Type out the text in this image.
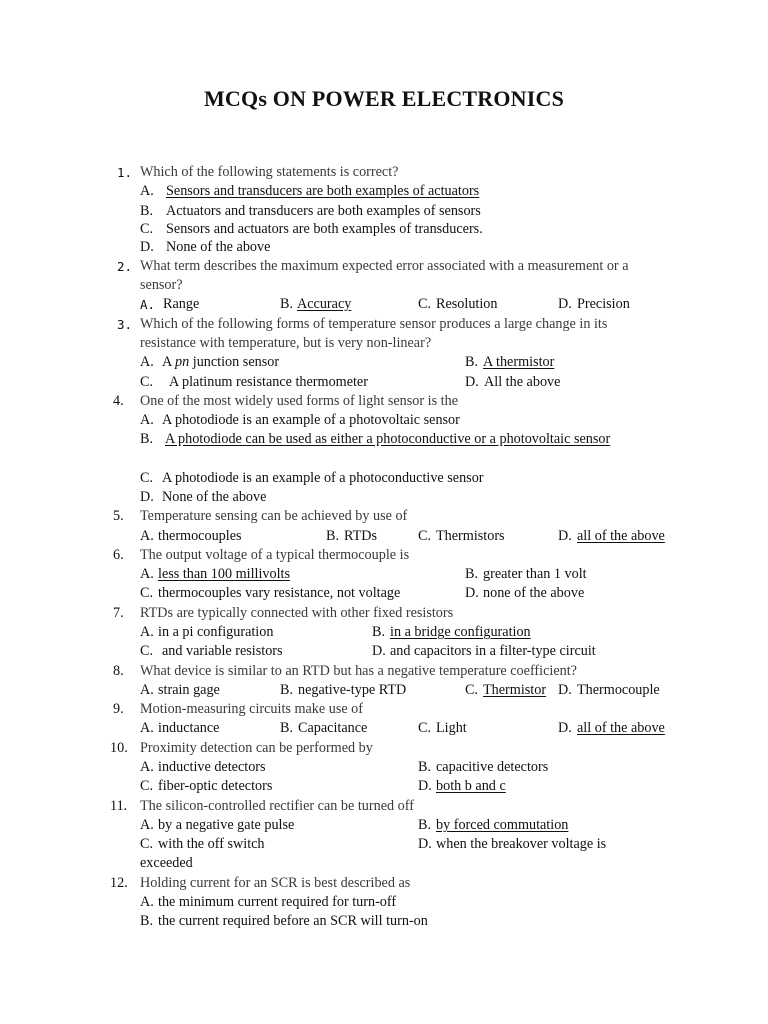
MCQs ON POWER ELECTRONICS
1. Which of the following statements is correct?
A. Sensors and transducers are both examples of actuators
B. Actuators and transducers are both examples of sensors
C. Sensors and actuators are both examples of transducers.
D. None of the above
2. What term describes the maximum expected error associated with a measurement or a
sensor?
A. Range	B. Accuracy	C. Resolution	D. Precision
3. Which of the following forms of temperature sensor produces a large change in its
resistance with temperature, but is very non-linear?
A. A pn junction sensor	B. A thermistor
C. A platinum resistance thermometer	D. All the above
4. One of the most widely used forms of light sensor is the
A. A photodiode is an example of a photovoltaic sensor
B. A photodiode can be used as either a photoconductive or a photovoltaic sensor
C. A photodiode is an example of a photoconductive sensor
D. None of the above
5. Temperature sensing can be achieved by use of
A. thermocouples	B. RTDs	C. Thermistors	D. all of the above
6. The output voltage of a typical thermocouple is
A. less than 100 millivolts	B. greater than 1 volt
C. thermocouples vary resistance, not voltage	D. none of the above
7. RTDs are typically connected with other fixed resistors
A. in a pi configuration	B. in a bridge configuration
C. and variable resistors	D. and capacitors in a filter-type circuit
8. What device is similar to an RTD but has a negative temperature coefficient?
A. strain gage	B. negative-type RTD	C. Thermistor D. Thermocouple
9. Motion-measuring circuits make use of
A. inductance	B. Capacitance	C. Light	D. all of the above
10. Proximity detection can be performed by
A. inductive detectors	B. capacitive detectors
C. fiber-optic detectors	D. both b and c
11. The silicon-controlled rectifier can be turned off
A. by a negative gate pulse	B. by forced commutation
C. with the off switch	D. when the breakover voltage is
exceeded
12. Holding current for an SCR is best described as
A. the minimum current required for turn-off
B. the current required before an SCR will turn-on
